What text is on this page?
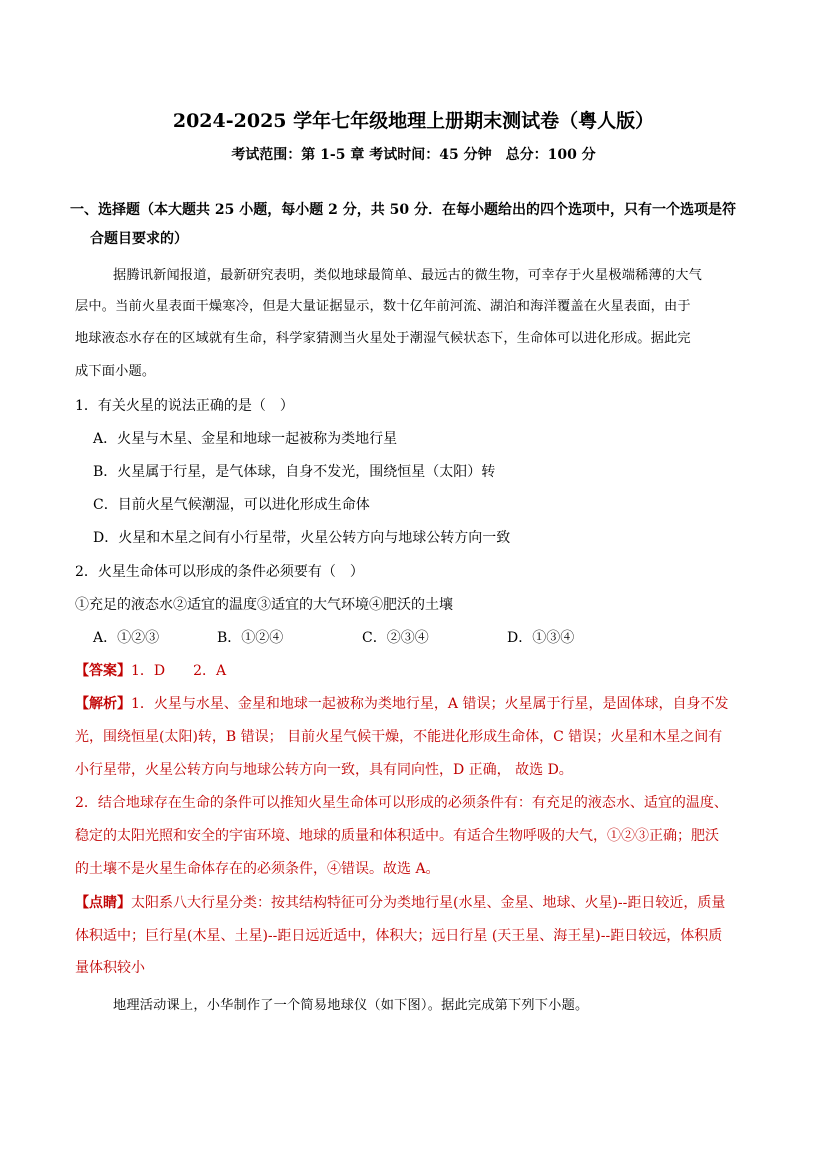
2024-2025 学年七年级地理上册期末测试卷（粤人版）
考试范围：第 1-5 章 考试时间：45 分钟　总分：100 分
一、选择题（本大题共 25 小题，每小题 2 分，共 50 分．在每小题给出的四个选项中，只有一个选项是符
合题目要求的）
据腾讯新闻报道，最新研究表明，类似地球最简单、最远古的微生物，可幸存于火星极端稀薄的大气
层中。当前火星表面干燥寒冷，但是大量证据显示，数十亿年前河流、湖泊和海洋覆盖在火星表面，由于
地球液态水存在的区域就有生命，科学家猜测当火星处于潮湿气候状态下，生命体可以进化形成。据此完
成下面小题。
1．有关火星的说法正确的是（　）
A．火星与木星、金星和地球一起被称为类地行星
B．火星属于行星，是气体球，自身不发光，围绕恒星（太阳）转
C．目前火星气候潮湿，可以进化形成生命体
D．火星和木星之间有小行星带，火星公转方向与地球公转方向一致
2．火星生命体可以形成的条件必须要有（　）
①充足的液态水②适宜的温度③适宜的大气环境④肥沃的土壤
A．①②③	B．①②④	C．②③④	D．①③④
【答案】1．D　　2．A
【解析】1．火星与水星、金星和地球一起被称为类地行星，A 错误；火星属于行星，是固体球，自身不发
光，围绕恒星(太阳)转，B 错误； 目前火星气候干燥，不能进化形成生命体，C 错误；火星和木星之间有
小行星带，火星公转方向与地球公转方向一致，具有同向性，D 正确， 故选 D。
2．结合地球存在生命的条件可以推知火星生命体可以形成的必须条件有：有充足的液态水、适宜的温度、
稳定的太阳光照和安全的宇宙环境、地球的质量和体积适中。有适合生物呼吸的大气，①②③正确；肥沃
的土壤不是火星生命体存在的必须条件，④错误。故选 A。
【点睛】太阳系八大行星分类：按其结构特征可分为类地行星(水星、金星、地球、火星)--距日较近，质量
体积适中；巨行星(木星、土星)--距日远近适中，体积大；远日行星 (天王星、海王星)--距日较远，体积质
量体积较小
地理活动课上，小华制作了一个简易地球仪（如下图）。据此完成第下列下小题。
